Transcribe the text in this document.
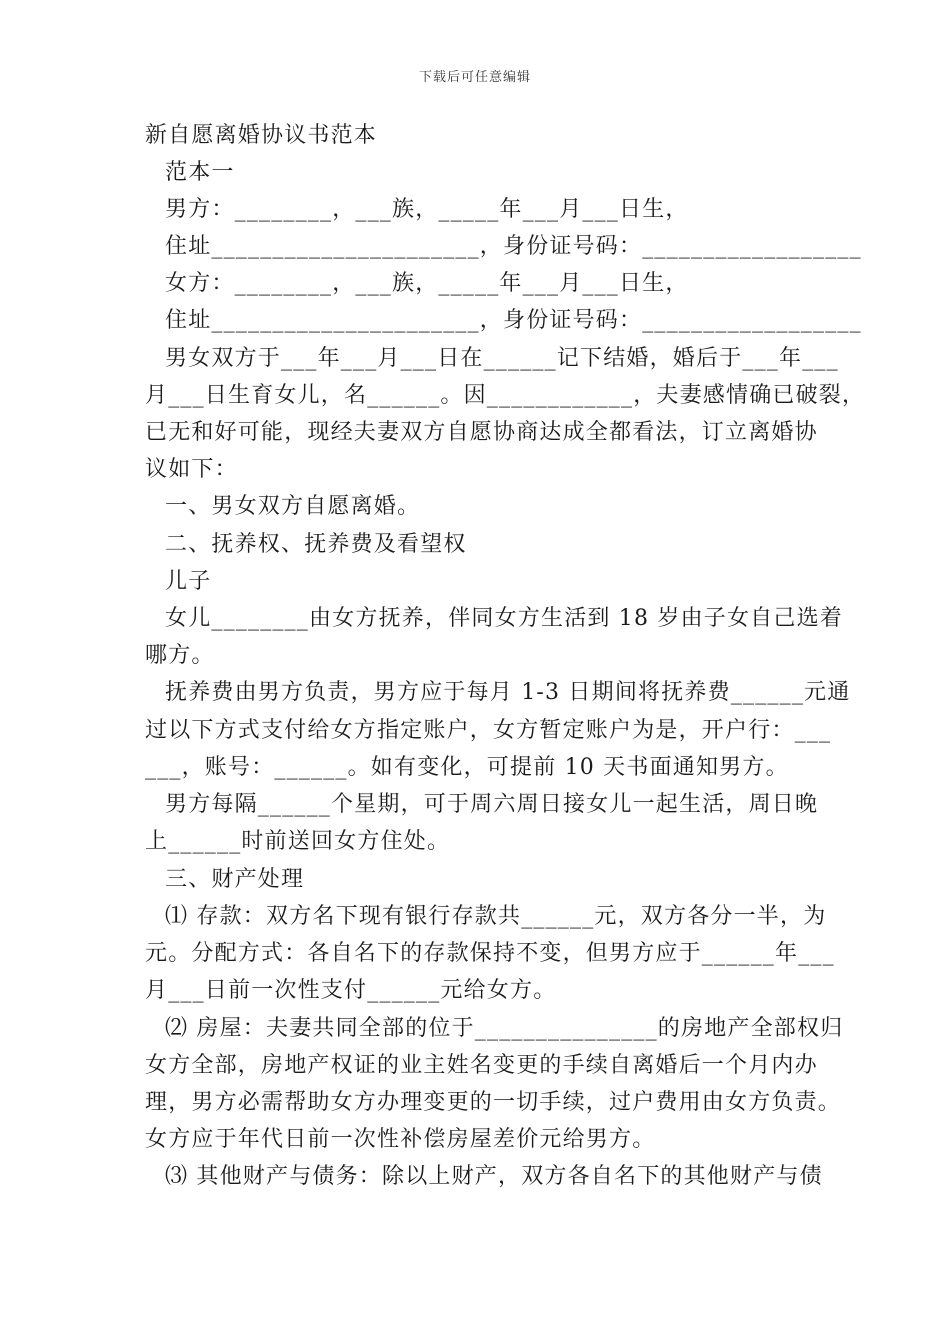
下载后可任意编辑
新自愿离婚协议书范本
范本一
男方：________，___族，_____年___月___日生，
住址______________________，身份证号码：__________________
女方：________，___族，_____年___月___日生，
住址______________________，身份证号码：__________________
男女双方于___年___月___日在______记下结婚，婚后于___年___
月___日生育女儿，名______。因____________，夫妻感情确已破裂，
已无和好可能，现经夫妻双方自愿协商达成全都看法，订立离婚协
议如下：
一、男女双方自愿离婚。
二、抚养权、抚养费及看望权
儿子
女儿________由女方抚养，伴同女方生活到 18 岁由子女自己选着
哪方。
抚养费由男方负责，男方应于每月 1-3 日期间将抚养费______元通
过以下方式支付给女方指定账户，女方暂定账户为是，开户行：___
___，账号：______。如有变化，可提前 10 天书面通知男方。
男方每隔______个星期，可于周六周日接女儿一起生活，周日晚
上______时前送回女方住处。
三、财产处理
⑴ 存款：双方名下现有银行存款共______元，双方各分一半，为
元。分配方式：各自名下的存款保持不变，但男方应于______年___
月___日前一次性支付______元给女方。
⑵ 房屋：夫妻共同全部的位于_______________的房地产全部权归
女方全部，房地产权证的业主姓名变更的手续自离婚后一个月内办
理，男方必需帮助女方办理变更的一切手续，过户费用由女方负责。
女方应于年代日前一次性补偿房屋差价元给男方。
⑶ 其他财产与债务：除以上财产，双方各自名下的其他财产与债
